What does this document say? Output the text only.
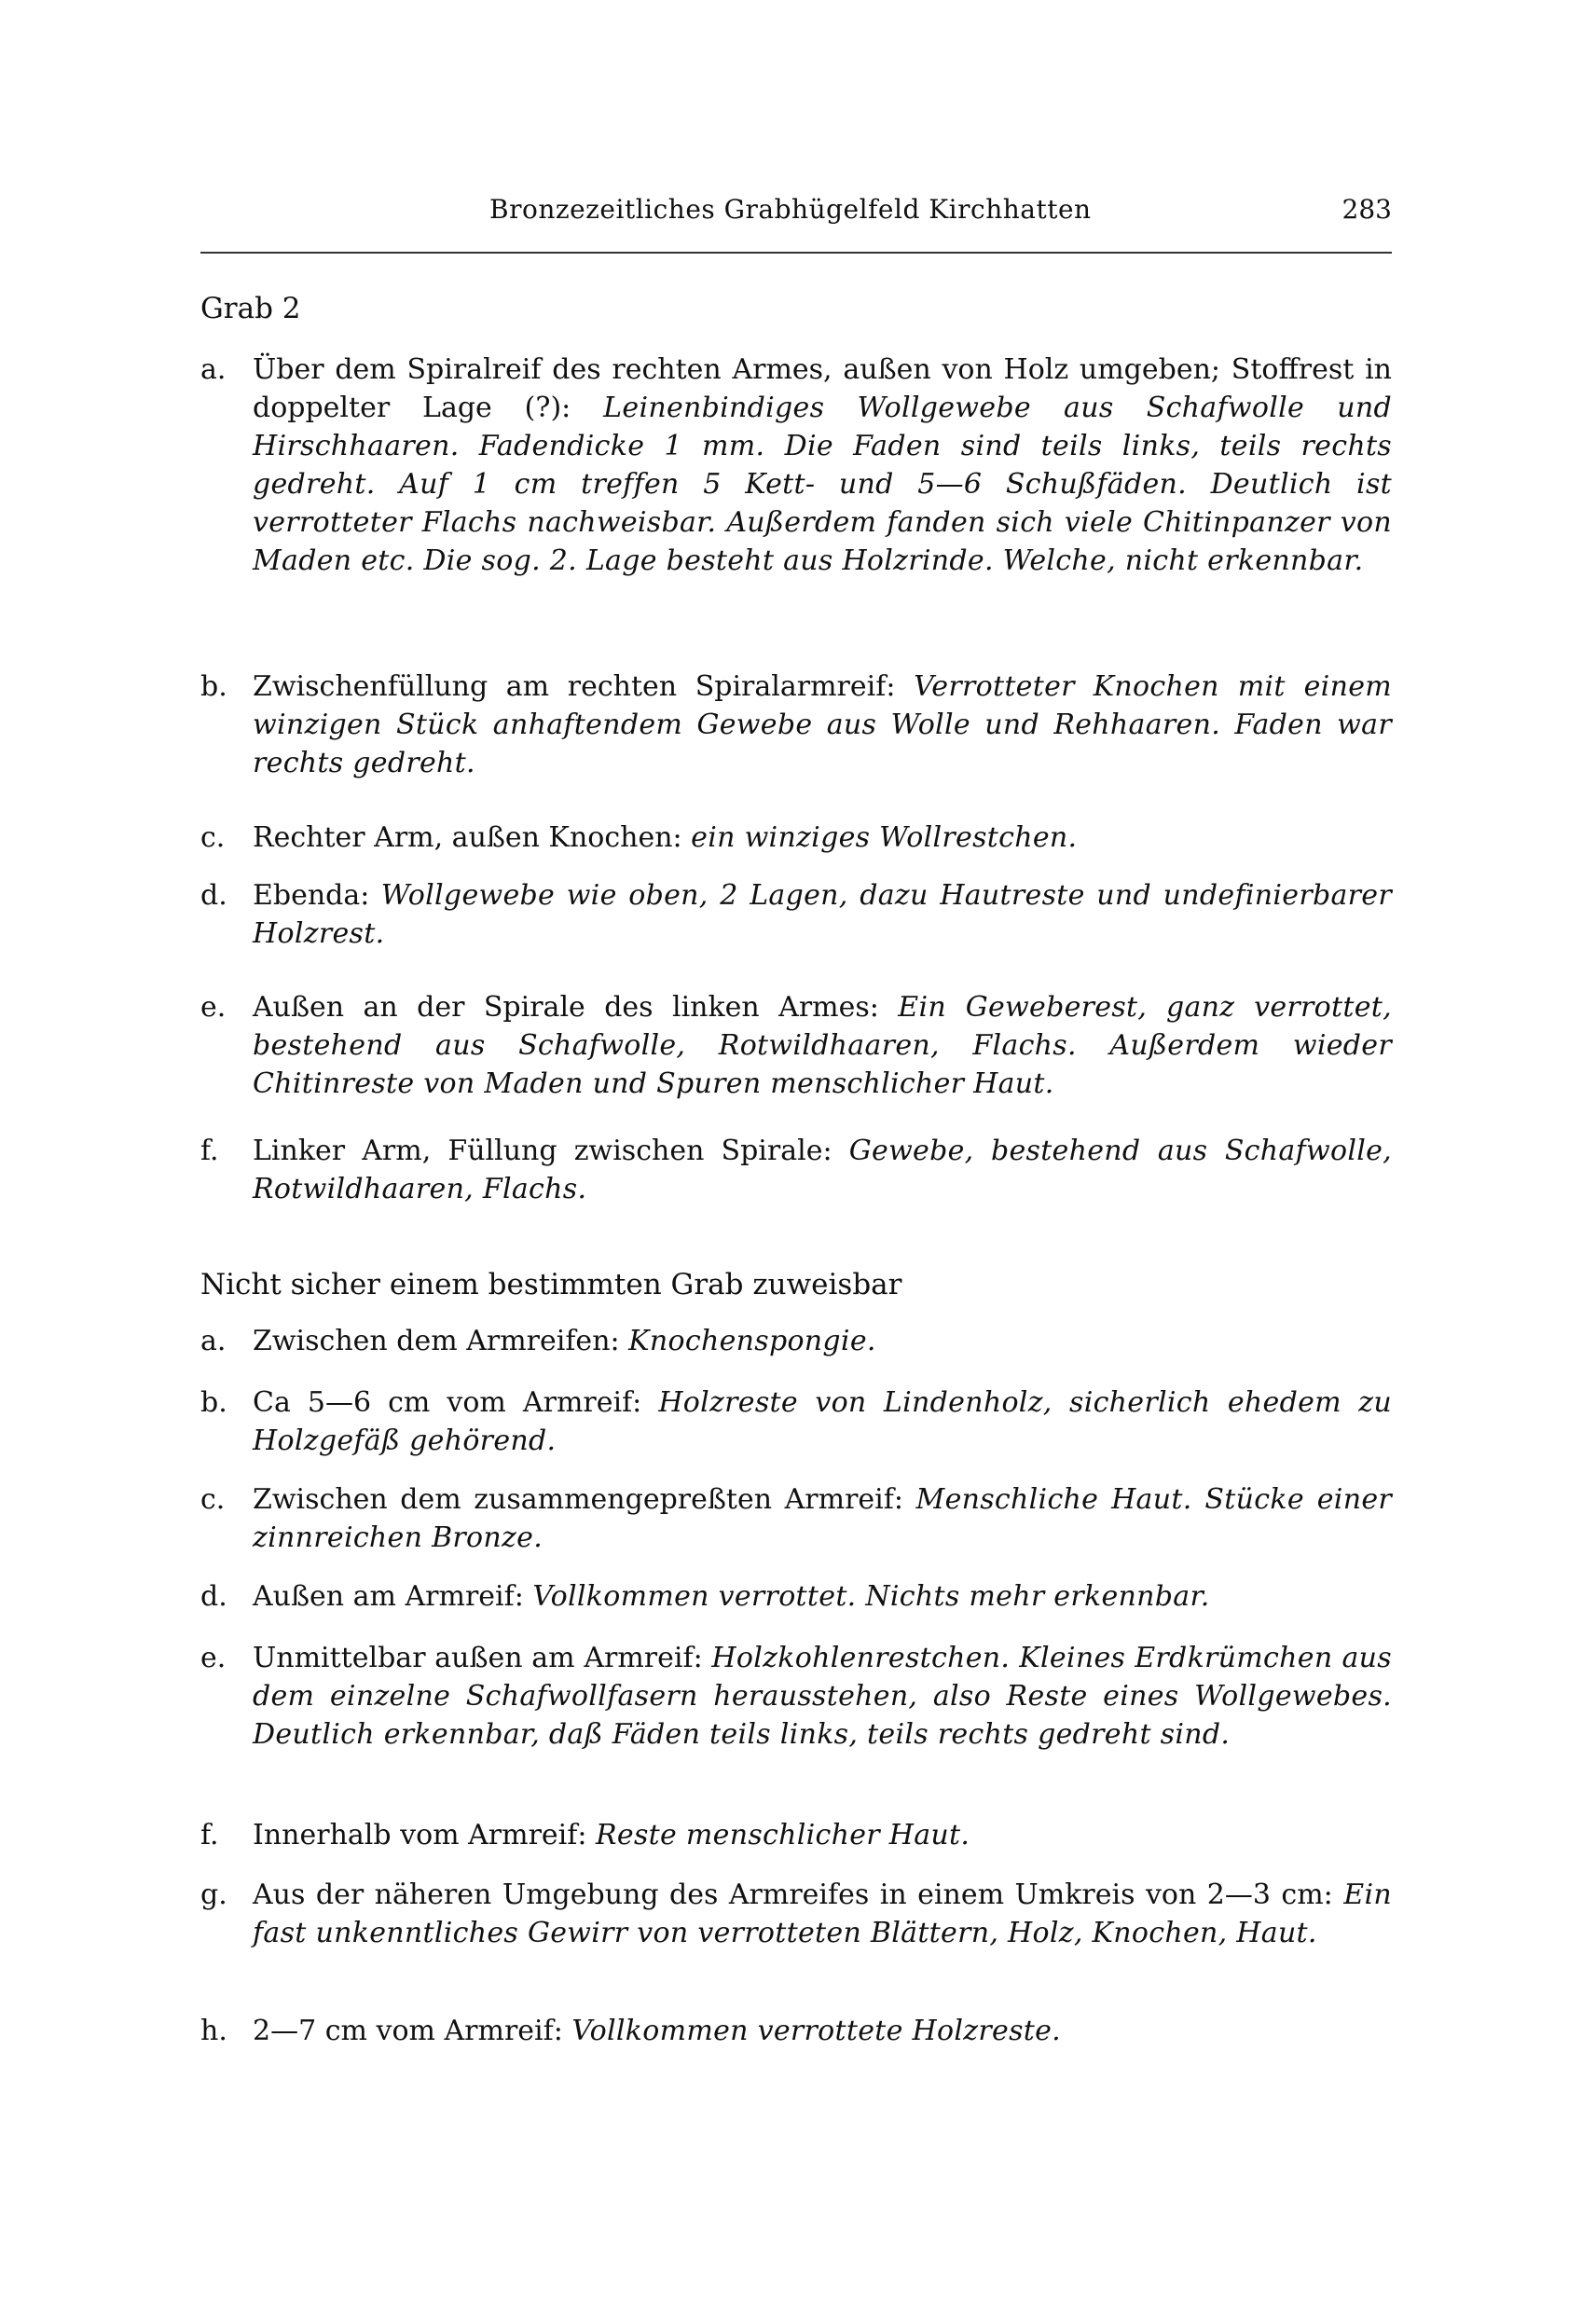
Bronzezeitliches Grabhügelfeld Kirchhatten	283
Grab 2
a. Über dem Spiralreif des rechten Armes, außen von Holz umgeben; Stoffrest in doppelter Lage (?): Leinenbindiges Wollgewebe aus Schafwolle und Hirschhaaren. Fadendicke 1 mm. Die Faden sind teils links, teils rechts gedreht. Auf 1 cm treffen 5 Kett- und 5—6 Schußfäden. Deutlich ist verrotteter Flachs nachweisbar. Außerdem fanden sich viele Chitinpanzer von Maden etc. Die sog. 2. Lage besteht aus Holzrinde. Welche, nicht erkennbar.
b. Zwischenfüllung am rechten Spiralarmreif: Verrotteter Knochen mit einem winzigen Stück anhaftendem Gewebe aus Wolle und Rehhaaren. Faden war rechts gedreht.
c. Rechter Arm, außen Knochen: ein winziges Wollrestchen.
d. Ebenda: Wollgewebe wie oben, 2 Lagen, dazu Hautreste und undefinierbarer Holzrest.
e. Außen an der Spirale des linken Armes: Ein Geweberest, ganz verrottet, bestehend aus Schafwolle, Rotwildhaaren, Flachs. Außerdem wieder Chitinreste von Maden und Spuren menschlicher Haut.
f.	Linker Arm, Füllung zwischen Spirale: Gewebe, bestehend aus Schafwolle, Rotwildhaaren, Flachs.
Nicht sicher einem bestimmten Grab zuweisbar
a. Zwischen dem Armreifen: Knochenspongie.
b. Ca 5—6 cm vom Armreif: Holzreste von Lindenholz, sicherlich ehedem zu Holzgefäß gehörend.
c. Zwischen dem zusammengepreßten Armreif: Menschliche Haut. Stücke einer zinnreichen Bronze.
d. Außen am Armreif: Vollkommen verrottet. Nichts mehr erkennbar.
e. Unmittelbar außen am Armreif: Holzkohlenrestchen. Kleines Erdkrümchen aus dem einzelne Schafwollfasern herausstehen, also Reste eines Wollgewebes. Deutlich erkennbar, daß Fäden teils links, teils rechts gedreht sind.
f.	Innerhalb vom Armreif: Reste menschlicher Haut.
g. Aus der näheren Umgebung des Armreifes in einem Umkreis von 2—3 cm: Ein fast unkenntliches Gewirr von verrotteten Blättern, Holz, Knochen, Haut.
h. 2—7 cm vom Armreif: Vollkommen verrottete Holzreste.
